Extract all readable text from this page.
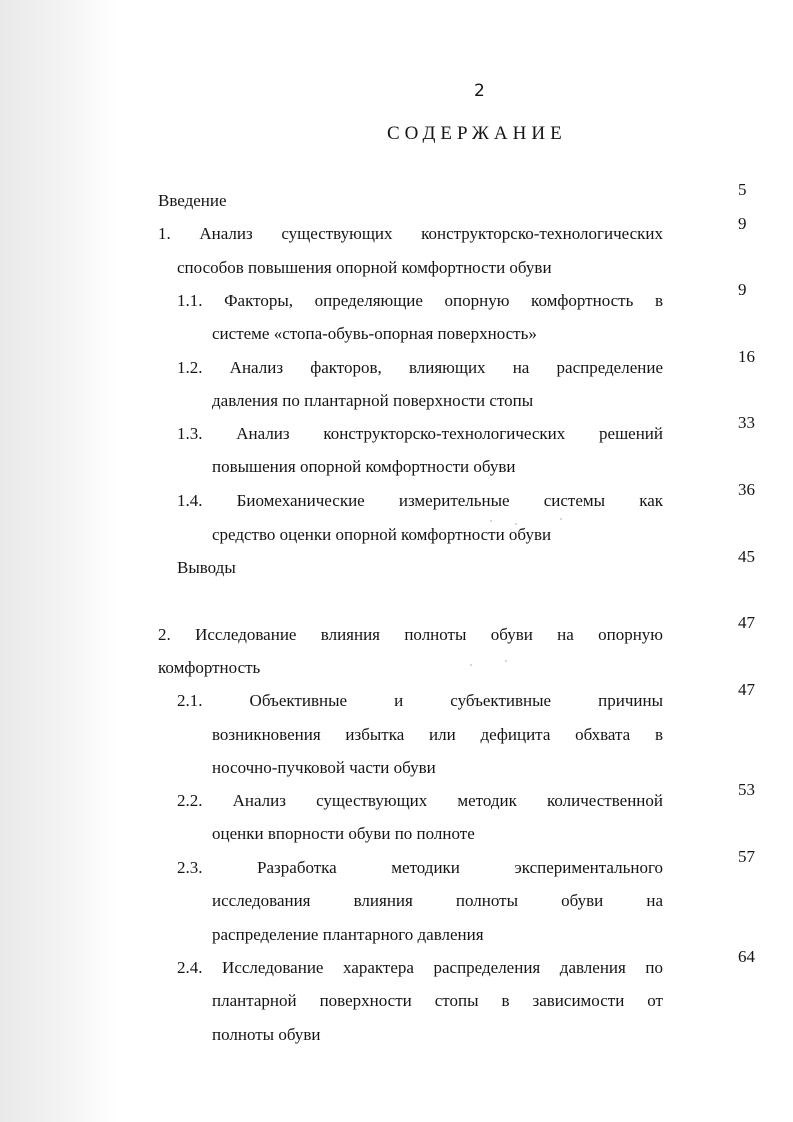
2
СОДЕРЖАНИЕ
5
Введение
9
1. Анализ существующих конструкторско-технологических
способов повышения опорной комфортности обуви
9
1.1. Факторы, определяющие опорную комфортность в
системе «стопа-обувь-опорная поверхность»
16
1.2. Анализ факторов, влияющих на распределение
давления по плантарной поверхности стопы
33
1.3. Анализ конструкторско-технологических решений
повышения опорной комфортности обуви
36
1.4. Биомеханические измерительные системы как
средство оценки опорной комфортности обуви
45
Выводы
47
2. Исследование влияния полноты обуви на опорную
комфортность
47
2.1. Объективные и субъективные причины
возникновения избытка или дефицита обхвата в
носочно-пучковой части обуви
53
2.2. Анализ существующих методик количественной
оценки впорности обуви по полноте
57
2.3. Разработка методики экспериментального
исследования влияния полноты обуви на
распределение плантарного давления
64
2.4. Исследование характера распределения давления по
плантарной поверхности стопы в зависимости от
полноты обуви
